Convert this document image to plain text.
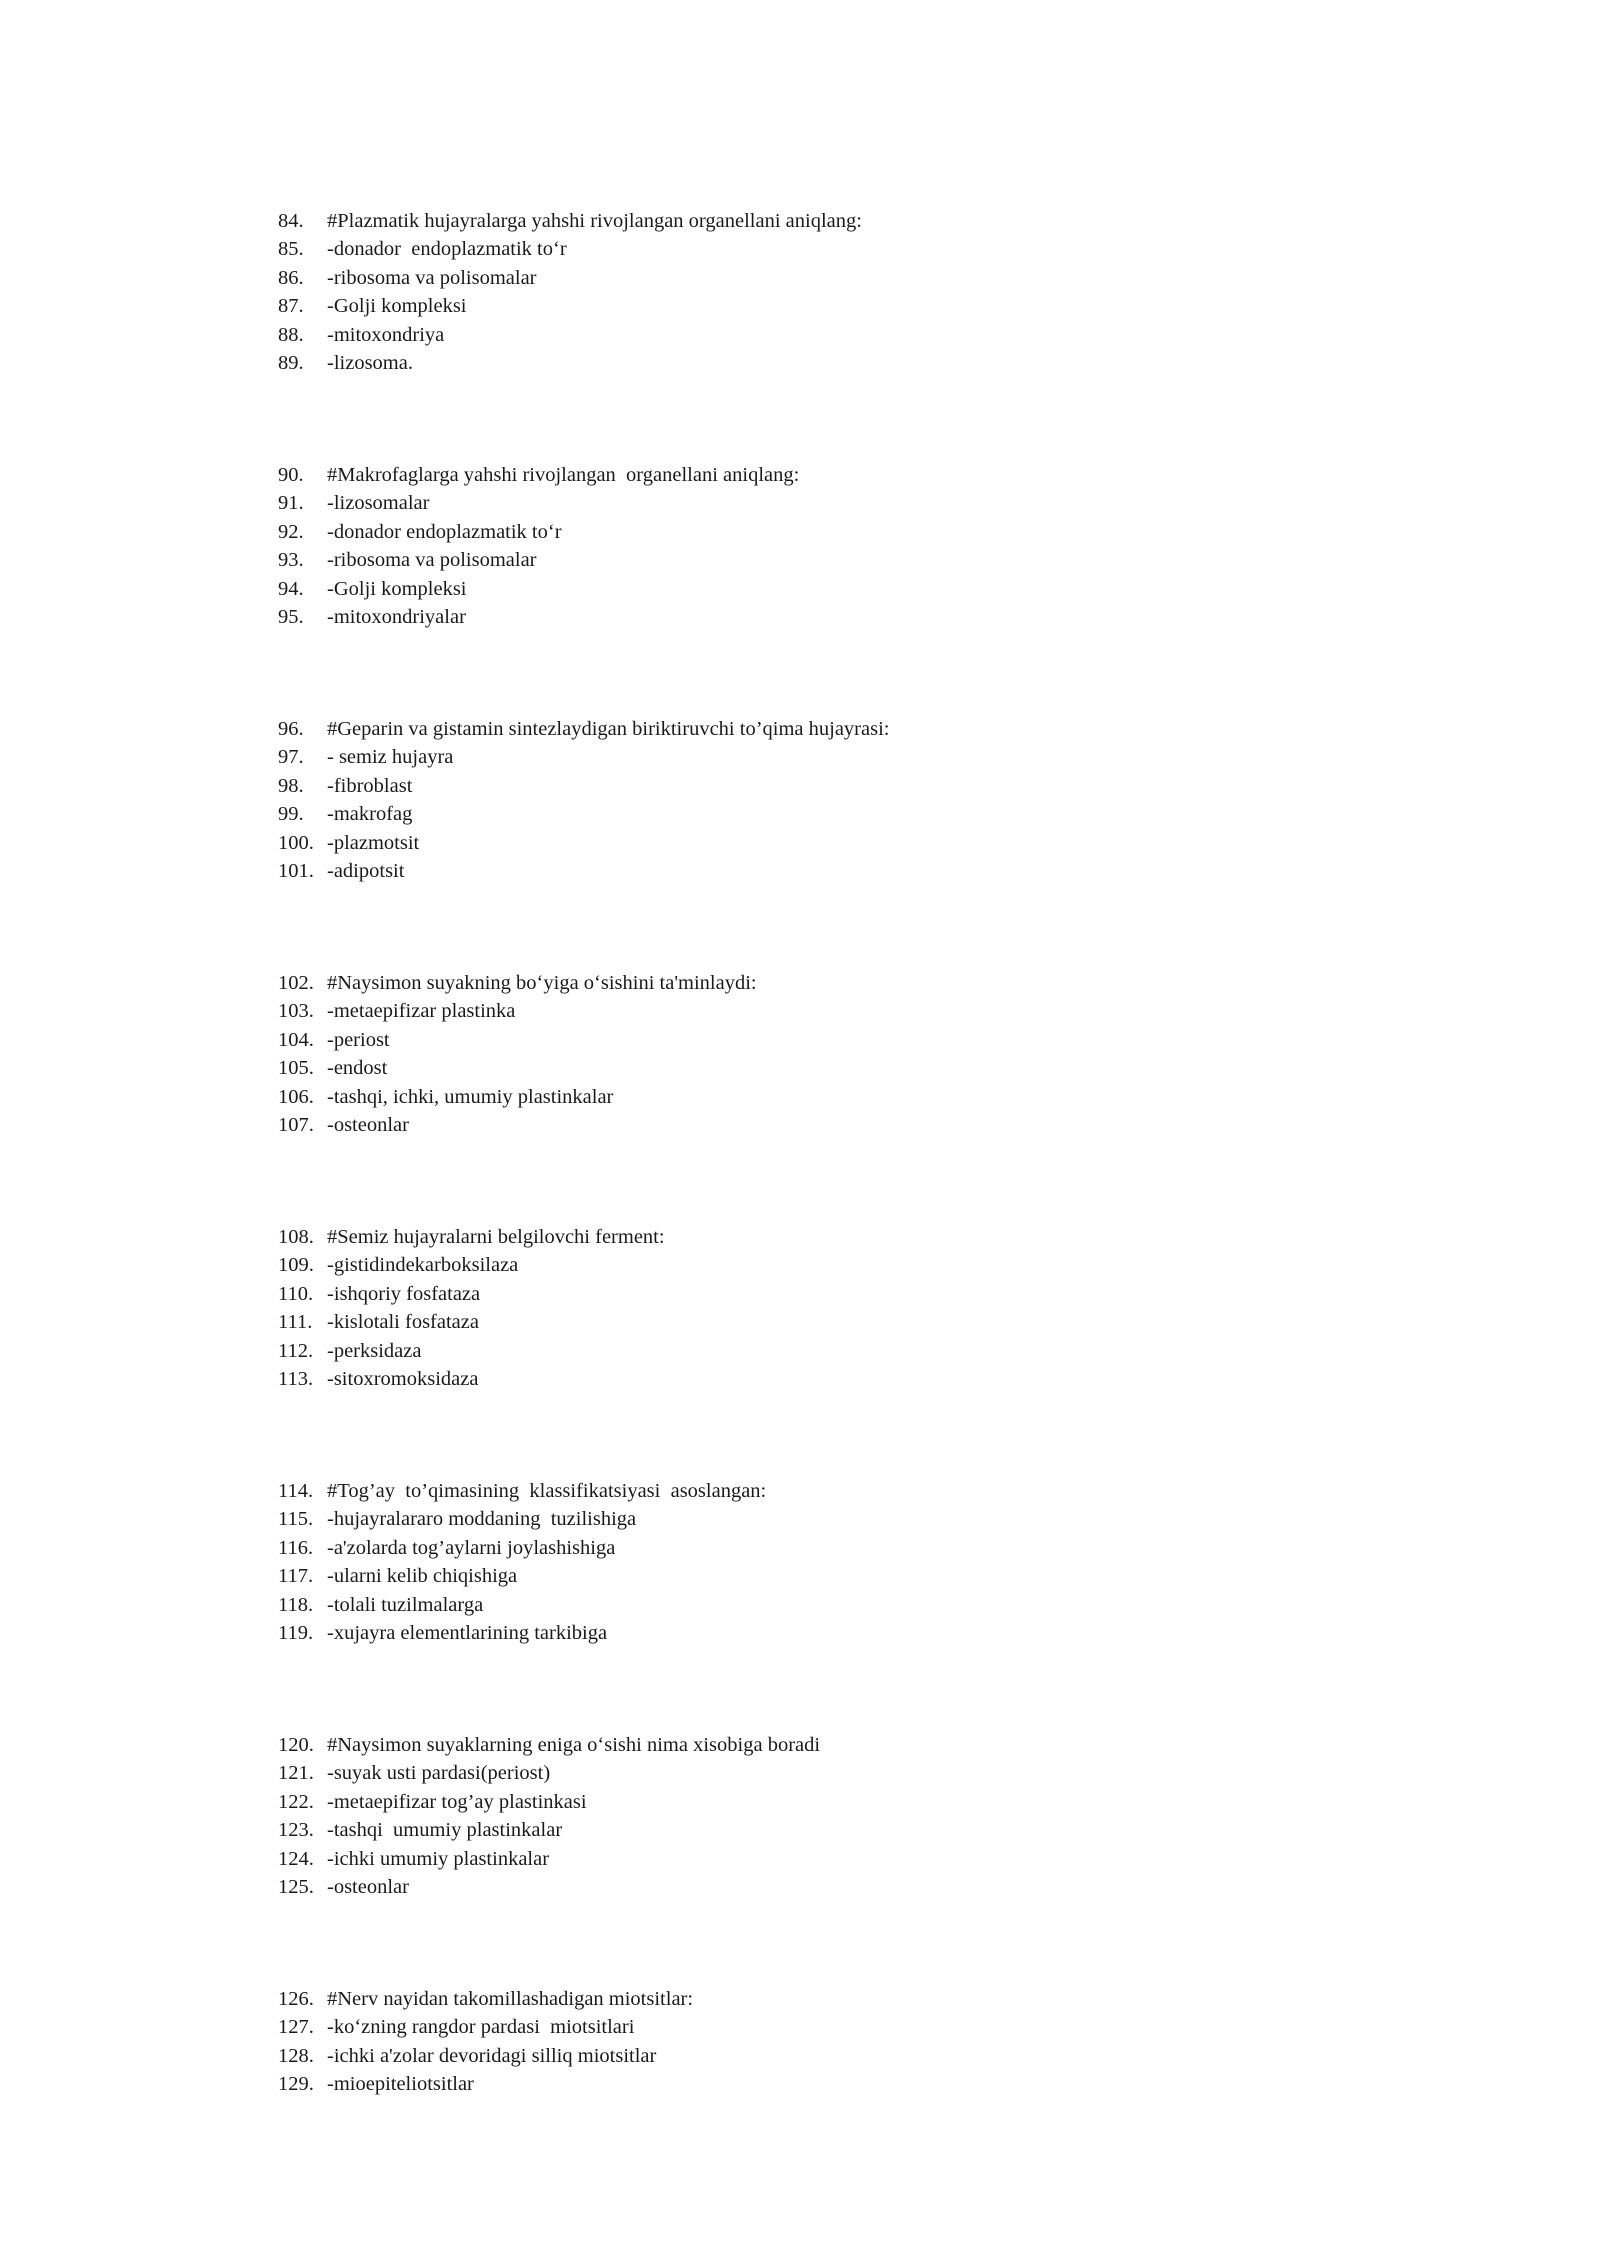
84.	#Plazmatik hujayralarga yahshi rivojlangan organellani aniqlang:
85.	-donador  endoplazmatik to‘r
86.	-ribosoma va polisomalar
87.	-Golji kompleksi
88.	-mitoxondriya
89.	-lizosoma.
90.	#Makrofaglarga yahshi rivojlangan  organellani aniqlang:
91.	-lizosomalar
92.	-donador endoplazmatik to‘r
93.	-ribosoma va polisomalar
94.	-Golji kompleksi
95.	-mitoxondriyalar
96.	#Geparin va gistamin sintezlaydigan biriktiruvchi to’qima hujayrasi:
97.	- semiz hujayra
98.	-fibroblast
99.	-makrofag
100. -plazmotsit
101. -adipotsit
102. #Naysimon suyakning bo‘yiga o‘sishini ta'minlaydi:
103. -metaepifizar plastinka
104. -periost
105. -endost
106. -tashqi, ichki, umumiy plastinkalar
107. -osteonlar
108. #Semiz hujayralarni belgilovchi ferment:
109. -gistidindekarboksilaza
110. -ishqoriy fosfataza
111. -kislotali fosfataza
112. -perksidaza
113. -sitoxromoksidaza
114. #Tog’ay  to’qimasining  klassifikatsiyasi  asoslangan:
115. -hujayralararo moddaning  tuzilishiga
116. -a'zolarda tog’aylarni joylashishiga
117. -ularni kelib chiqishiga
118. -tolali tuzilmalarga
119. -xujayra elementlarining tarkibiga
120. #Naysimon suyaklarning eniga o‘sishi nima xisobiga boradi
121. -suyak usti pardasi(periost)
122. -metaepifizar tog’ay plastinkasi
123. -tashqi  umumiy plastinkalar
124. -ichki umumiy plastinkalar
125. -osteonlar
126. #Nerv nayidan takomillashadigan miotsitlar:
127. -ko‘zning rangdor pardasi  miotsitlari
128. -ichki a'zolar devoridagi silliq miotsitlar
129. -mioepiteliotsitlar
